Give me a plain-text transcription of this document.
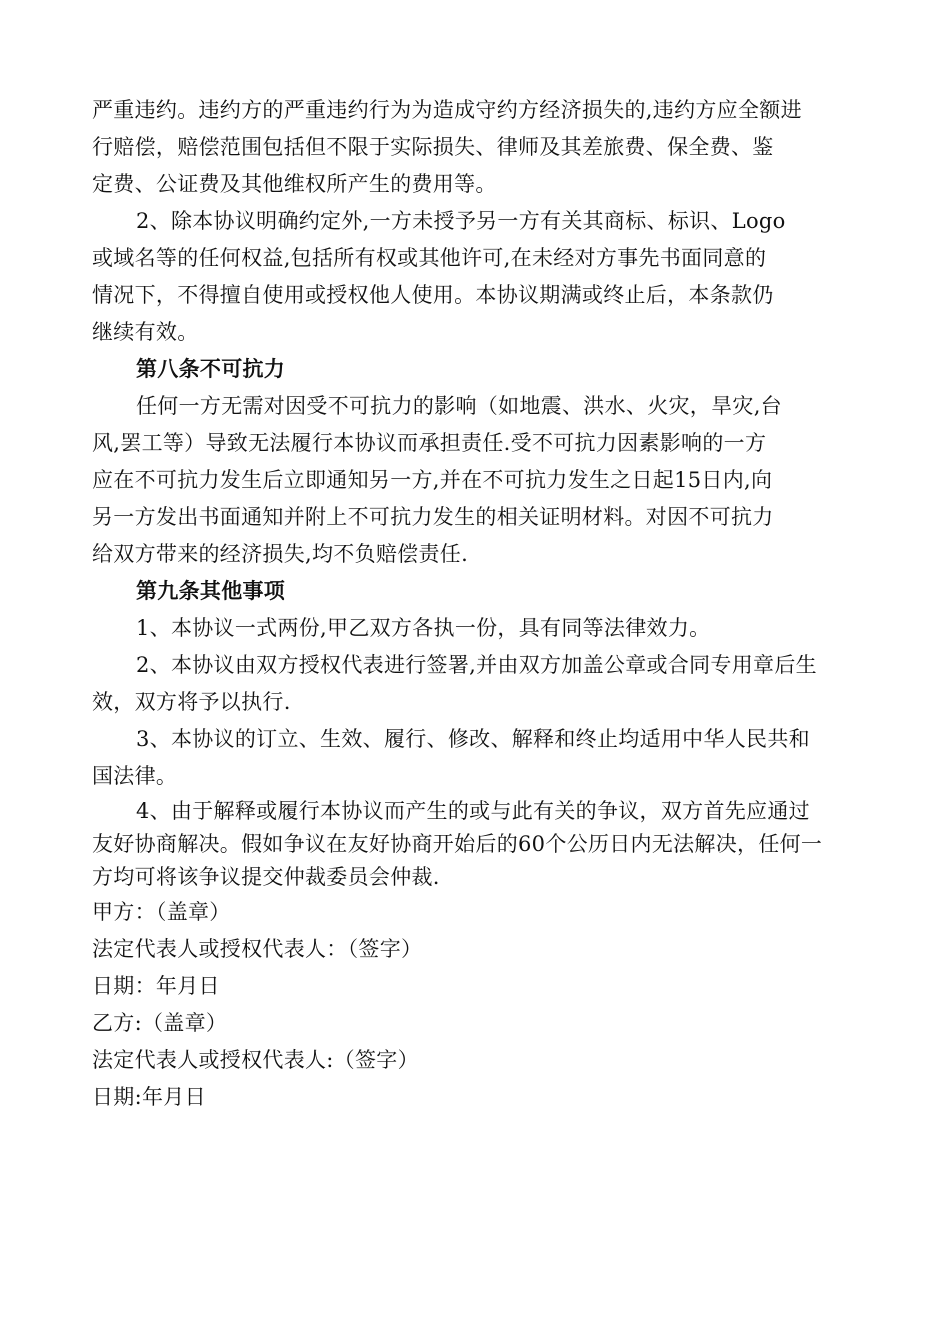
严重违约。违约方的严重违约行为为造成守约方经济损失的,违约方应全额进
行赔偿，赔偿范围包括但不限于实际损失、律师及其差旅费、保全费、鉴
定费、公证费及其他维权所产生的费用等。
2、除本协议明确约定外,一方未授予另一方有关其商标、标识、Logo
或域名等的任何权益,包括所有权或其他许可,在未经对方事先书面同意的
情况下，不得擅自使用或授权他人使用。本协议期满或终止后，本条款仍
继续有效。
第八条不可抗力
任何一方无需对因受不可抗力的影响（如地震、洪水、火灾，旱灾,台
风,罢工等）导致无法履行本协议而承担责任.受不可抗力因素影响的一方
应在不可抗力发生后立即通知另一方,并在不可抗力发生之日起15日内,向
另一方发出书面通知并附上不可抗力发生的相关证明材料。对因不可抗力
给双方带来的经济损失,均不负赔偿责任.
第九条其他事项
1、本协议一式两份,甲乙双方各执一份，具有同等法律效力。
2、本协议由双方授权代表进行签署,并由双方加盖公章或合同专用章后生
效，双方将予以执行.
3、本协议的订立、生效、履行、修改、解释和终止均适用中华人民共和
国法律。
4、由于解释或履行本协议而产生的或与此有关的争议，双方首先应通过
友好协商解决。假如争议在友好协商开始后的60个公历日内无法解决，任何一
方均可将该争议提交仲裁委员会仲裁.
甲方：（盖章）
法定代表人或授权代表人：（签字）
日期：年月日
乙方:（盖章）
法定代表人或授权代表人:（签字）
日期:年月日
